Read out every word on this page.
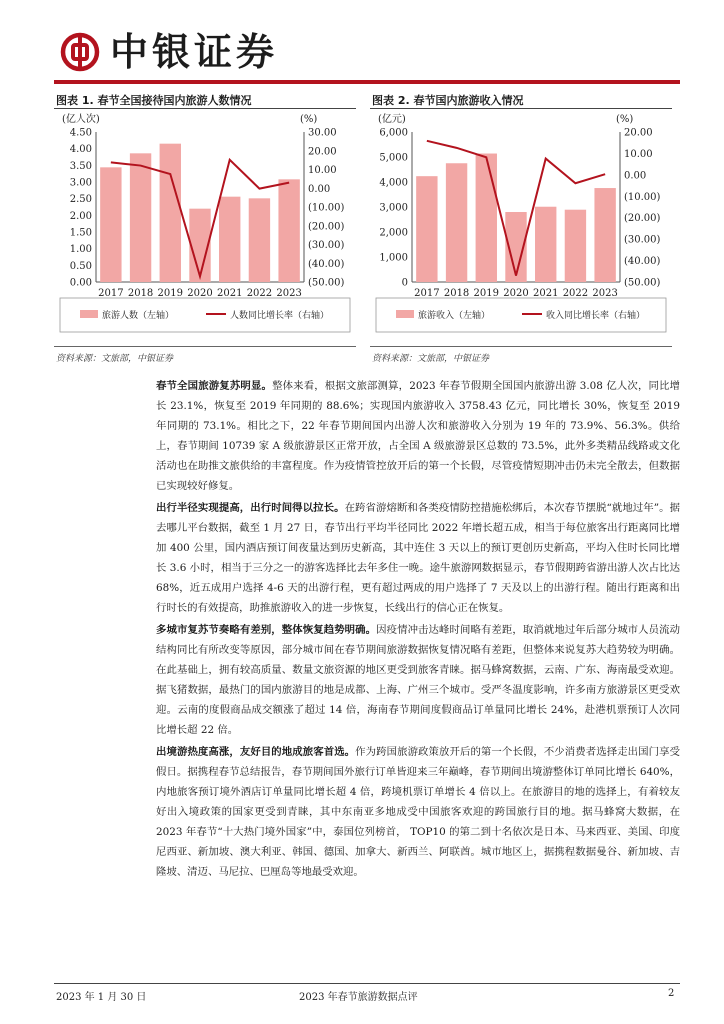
中银证券
图表 1. 春节全国接待国内旅游人数情况
(亿人次)	(%)
0.00
0.50
1.00
1.50
2.00
2.50
3.00
3.50
4.00
4.50	30.00
20.00
10.00
0.00
(10.00)
(20.00)
(30.00)
(40.00)
(50.00)
2017 2018 2019 2020 2021 2022 2023
旅游人数（左轴）	人数同比增长率（右轴）
资料来源：文旅部，中银证券
图表 2. 春节国内旅游收入情况
(亿元)	(%)
0
1,000
2,000
3,000
4,000
5,000
6,000	20.00
10.00
0.00
(10.00)
(20.00)
(30.00)
(40.00)
(50.00)
2017 2018 2019 2020 2021 2022 2023
旅游收入（左轴）	收入同比增长率（右轴）
资料来源：文旅部，中银证券

春节全国旅游复苏明显。整体来看，根据文旅部测算，2023 年春节假期全国国内旅游出游 3.08 亿人次，同比增长 23.1%，恢复至 2019 年同期的 88.6%；实现国内旅游收入 3758.43 亿元，同比增长 30%，恢复至 2019 年同期的 73.1%。相比之下，22 年春节期间国内出游人次和旅游收入分别为 19 年的 73.9%、56.3%。供给上，春节期间 10739 家 A 级旅游景区正常开放，占全国 A 级旅游景区总数的 73.5%，此外多类精品线路或文化活动也在助推文旅供给的丰富程度。作为疫情管控放开后的第一个长假，尽管疫情短期冲击仍未完全散去，但数据已实现较好修复。

出行半径实现提高，出行时间得以拉长。在跨省游熔断和各类疫情防控措施松绑后，本次春节摆脱“就地过年”。据去哪儿平台数据，截至 1 月 27 日，春节出行平均半径同比 2022 年增长超五成，相当于每位旅客出行距离同比增加 400 公里，国内酒店预订间夜量达到历史新高，其中连住 3 天以上的预订更创历史新高，平均入住时长同比增长 3.6 小时，相当于三分之一的游客选择比去年多住一晚。途牛旅游网数据显示，春节假期跨省游出游人次占比达 68%，近五成用户选择 4-6 天的出游行程，更有超过两成的用户选择了 7 天及以上的出游行程。随出行距离和出行时长的有效提高，助推旅游收入的进一步恢复，长线出行的信心正在恢复。

多城市复苏节奏略有差别，整体恢复趋势明确。因疫情冲击达峰时间略有差距，取消就地过年后部分城市人员流动结构同比有所改变等原因，部分城市间在春节期间旅游数据恢复情况略有差距，但整体来说复苏大趋势较为明确。在此基础上，拥有较高质量、数量文旅资源的地区更受到旅客青睐。据马蜂窝数据，云南、广东、海南最受欢迎。据飞猪数据，最热门的国内旅游目的地是成都、上海、广州三个城市。受严冬温度影响，许多南方旅游景区更受欢迎。云南的度假商品成交额涨了超过 14 倍，海南春节期间度假商品订单量同比增长 24%，赴港机票预订人次同比增长超 22 倍。

出境游热度高涨，友好目的地成旅客首选。作为跨国旅游政策放开后的第一个长假，不少消费者选择走出国门享受假日。据携程春节总结报告，春节期间国外旅行订单皆迎来三年巅峰，春节期间出境游整体订单同比增长 640%，内地旅客预订境外酒店订单量同比增长超 4 倍，跨境机票订单增长 4 倍以上。在旅游目的地的选择上，有着较友好出入境政策的国家更受到青睐，其中东南亚多地成受中国旅客欢迎的跨国旅行目的地。据马蜂窝大数据，在 2023 年春节“十大热门境外国家”中，泰国位列榜首， TOP10 的第二到十名依次是日本、马来西亚、美国、印度尼西亚、新加坡、澳大利亚、韩国、德国、加拿大、新西兰、阿联酋。城市地区上，据携程数据曼谷、新加坡、吉隆坡、清迈、马尼拉、巴厘岛等地最受欢迎。

2023 年 1 月 30 日	2023 年春节旅游数据点评	2
